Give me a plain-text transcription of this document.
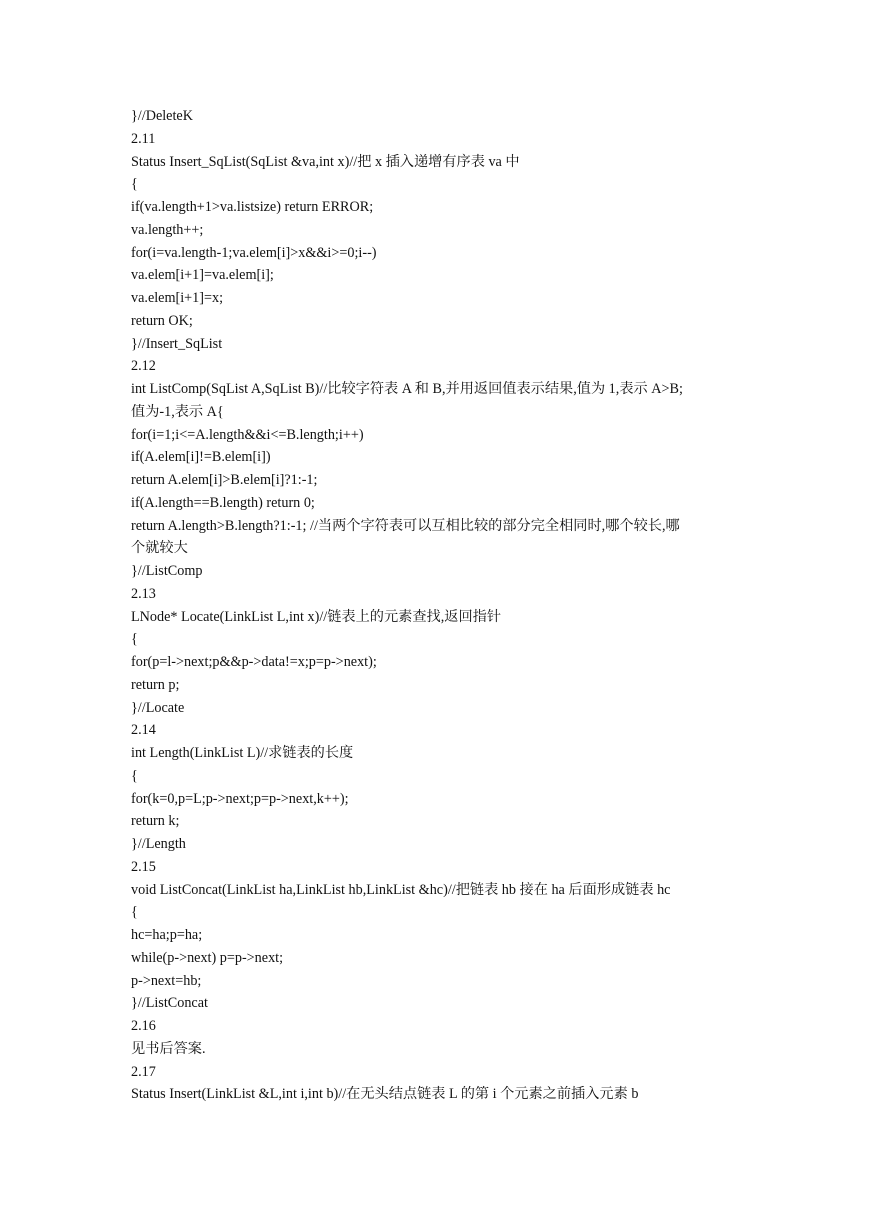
}//DeleteK
2.11
Status Insert_SqList(SqList &va,int x)//把 x 插入递增有序表 va 中
{
if(va.length+1>va.listsize) return ERROR;
va.length++;
for(i=va.length-1;va.elem[i]>x&&i>=0;i--)
va.elem[i+1]=va.elem[i];
va.elem[i+1]=x;
return OK;
}//Insert_SqList
2.12
int ListComp(SqList A,SqList B)//比较字符表 A 和 B,并用返回值表示结果,值为 1,表示 A>B;
值为-1,表示 A{
for(i=1;i<=A.length&&i<=B.length;i++)
if(A.elem[i]!=B.elem[i])
return A.elem[i]>B.elem[i]?1:-1;
if(A.length==B.length) return 0;
return A.length>B.length?1:-1; //当两个字符表可以互相比较的部分完全相同时,哪个较长,哪
个就较大
}//ListComp
2.13
LNode* Locate(LinkList L,int x)//链表上的元素查找,返回指针
{
for(p=l->next;p&&p->data!=x;p=p->next);
return p;
}//Locate
2.14
int Length(LinkList L)//求链表的长度
{
for(k=0,p=L;p->next;p=p->next,k++);
return k;
}//Length
2.15
void ListConcat(LinkList ha,LinkList hb,LinkList &hc)//把链表 hb 接在 ha 后面形成链表 hc
{
hc=ha;p=ha;
while(p->next) p=p->next;
p->next=hb;
}//ListConcat
2.16
见书后答案.
2.17
Status Insert(LinkList &L,int i,int b)//在无头结点链表 L 的第 i 个元素之前插入元素 b
